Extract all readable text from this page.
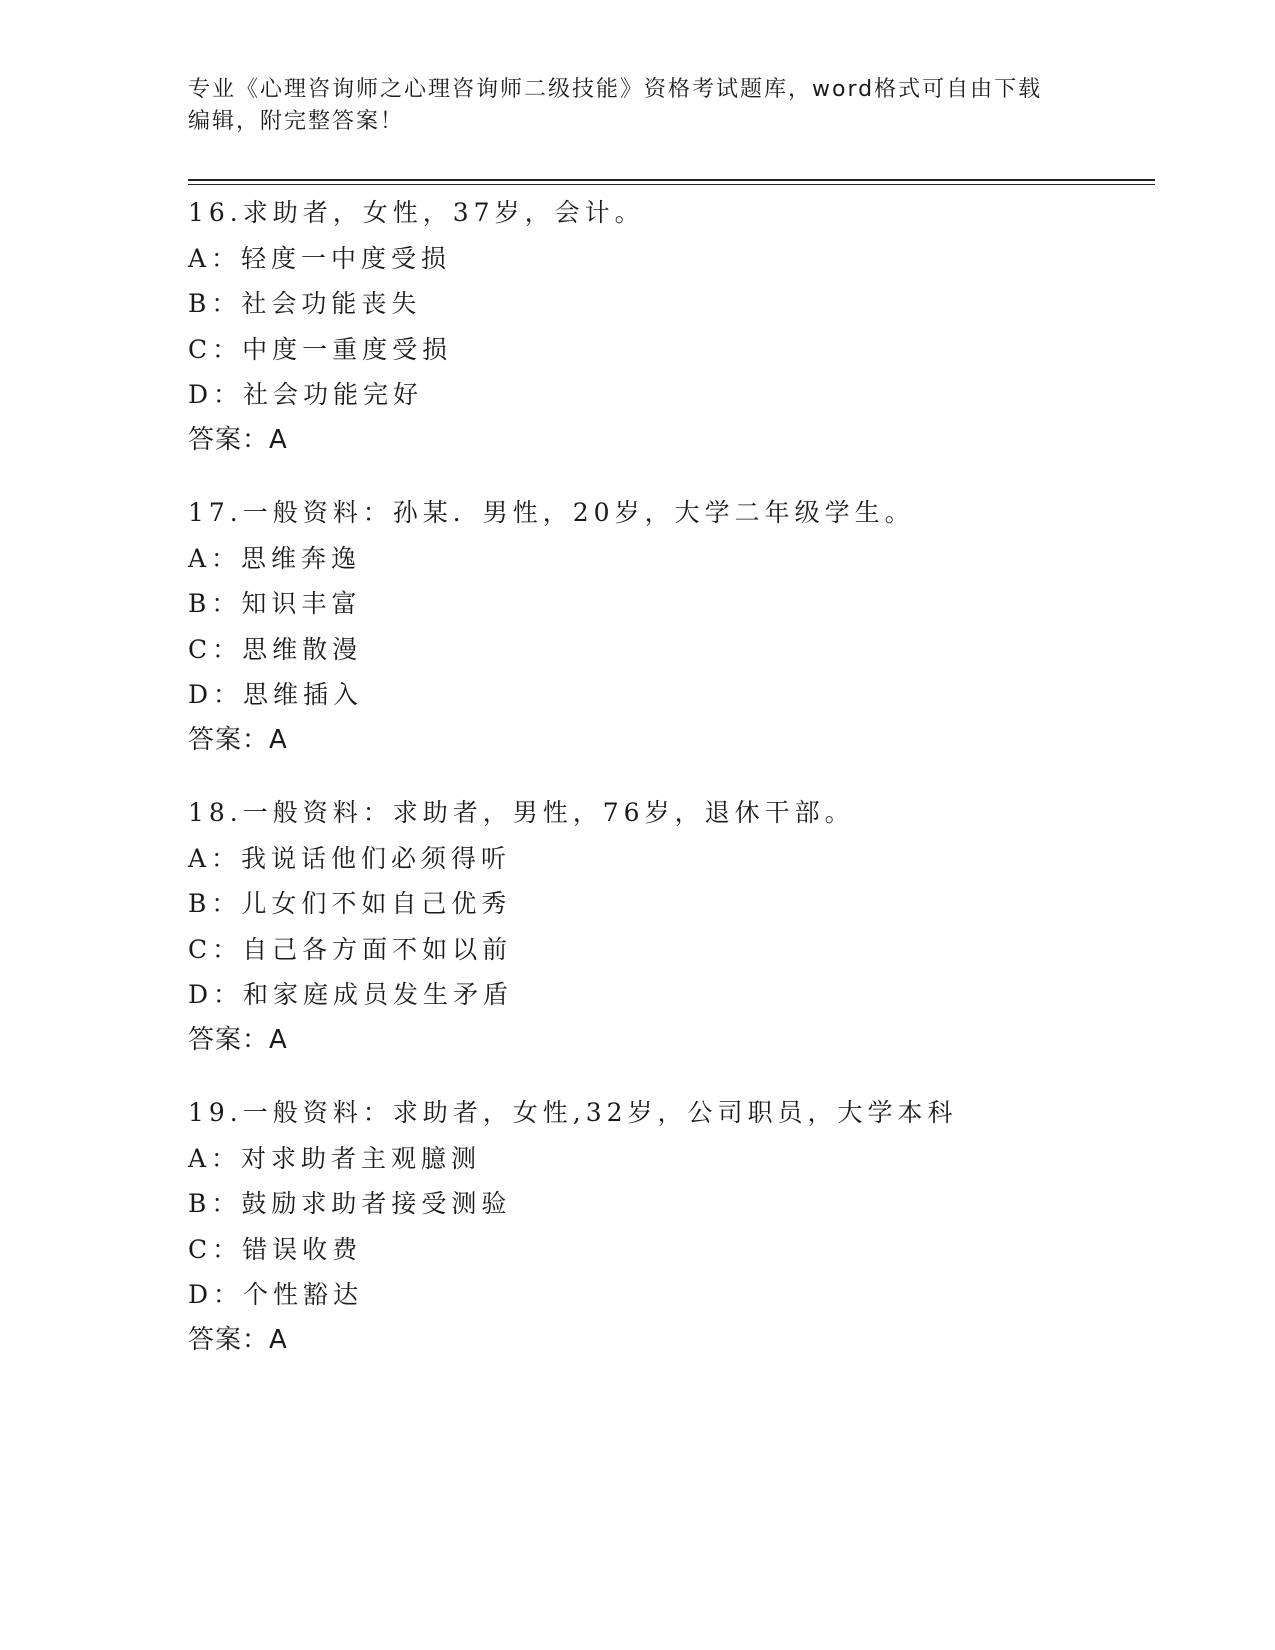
专业《心理咨询师之心理咨询师二级技能》资格考试题库，word格式可自由下载
编辑，附完整答案！
16.求助者，女性，37岁，会计。
A：轻度一中度受损
B：社会功能丧失
C：中度一重度受损
D：社会功能完好
答案：A
17.一般资料：孙某．男性，20岁，大学二年级学生。
A：思维奔逸
B：知识丰富
C：思维散漫
D：思维插入
答案：A
18.一般资料：求助者，男性，76岁，退休干部。
A：我说话他们必须得听
B：儿女们不如自己优秀
C：自己各方面不如以前
D：和家庭成员发生矛盾
答案：A
19.一般资料：求助者，女性,32岁，公司职员，大学本科
A：对求助者主观臆测
B：鼓励求助者接受测验
C：错误收费
D：个性豁达
答案：A
